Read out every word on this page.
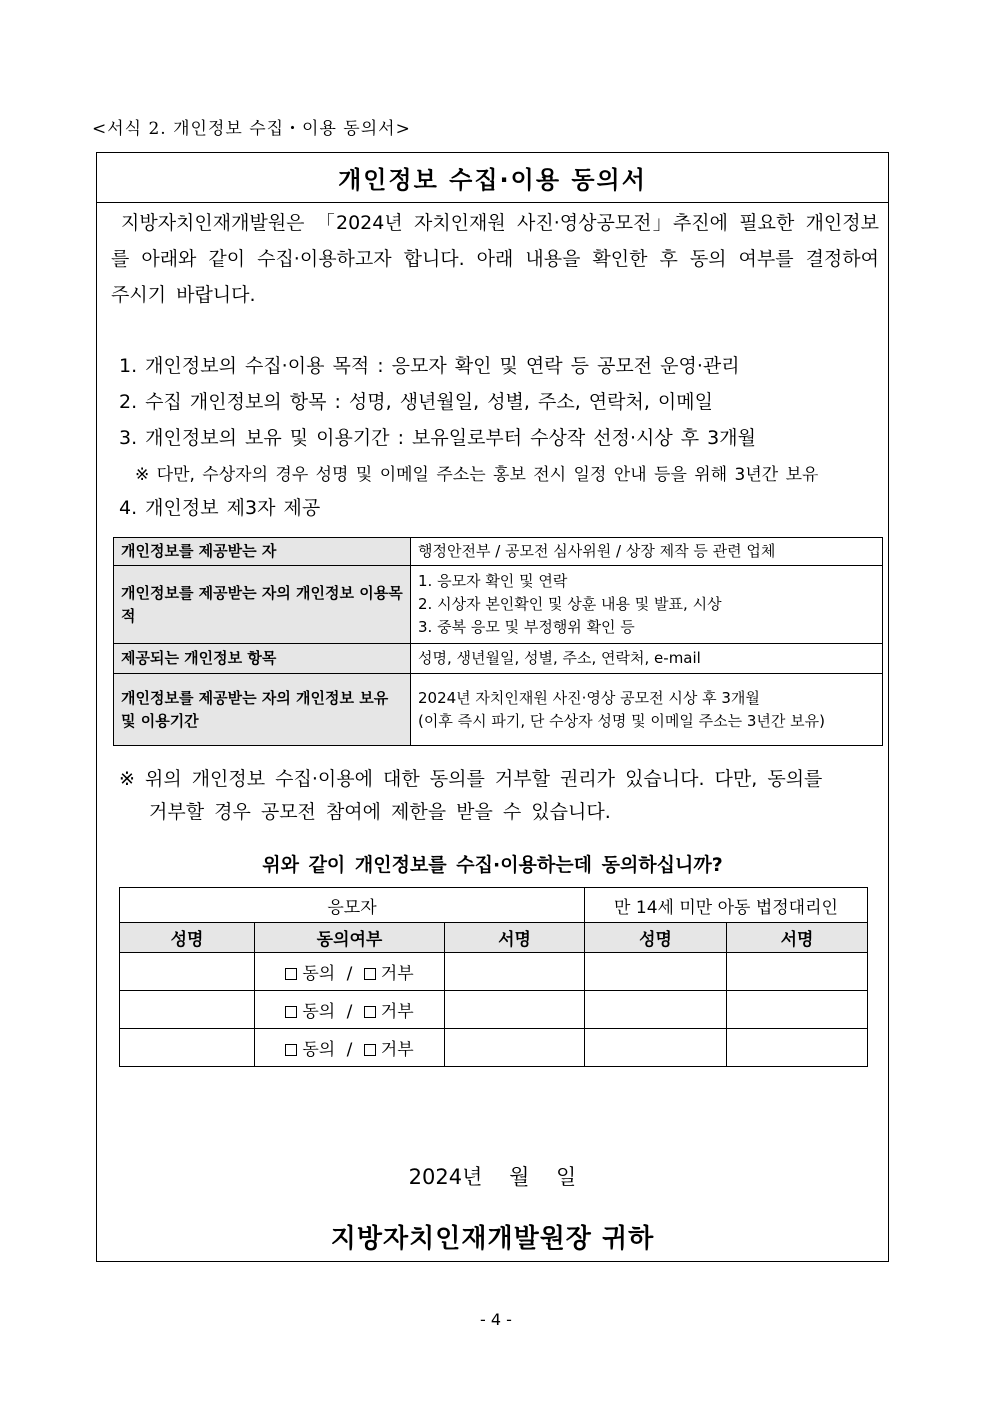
<서식 2. 개인정보 수집・이용 동의서>
개인정보 수집·이용 동의서
지방자치인재개발원은 「2024년 자치인재원 사진·영상공모전」추진에 필요한 개인정보를 아래와 같이 수집·이용하고자 합니다. 아래 내용을 확인한 후 동의 여부를 결정하여 주시기 바랍니다.
1. 개인정보의 수집·이용 목적 : 응모자 확인 및 연락 등 공모전 운영·관리
2. 수집 개인정보의 항목 : 성명, 생년월일, 성별, 주소, 연락처, 이메일
3. 개인정보의 보유 및 이용기간 : 보유일로부터 수상작 선정·시상 후 3개월
※ 다만, 수상자의 경우 성명 및 이메일 주소는 홍보 전시 일정 안내 등을 위해 3년간 보유
4. 개인정보 제3자 제공
개인정보를 제공받는 자	행정안전부 / 공모전 심사위원 / 상장 제작 등 관련 업체

개인정보를 제공받는 자의 개인정보 이용목적	1. 응모자 확인 및 연락
2. 시상자 본인확인 및 상훈 내용 및 발표, 시상
3. 중복 응모 및 부정행위 확인 등

제공되는 개인정보 항목	성명, 생년월일, 성별, 주소, 연락처, e-mail

개인정보를 제공받는 자의 개인정보 보유 및 이용기간	2024년 자치인재원 사진·영상 공모전 시상 후 3개월
(이후 즉시 파기, 단 수상자 성명 및 이메일 주소는 3년간 보유)
※ 위의 개인정보 수집·이용에 대한 동의를 거부할 권리가 있습니다. 다만, 동의를
거부할 경우 공모전 참여에 제한을 받을 수 있습니다.
위와 같이 개인정보를 수집·이용하는데 동의하십니까?
응모자			만 14세 미만 아동 법정대리인	
성명	동의여부	서명	성명	서명
	동의 / 거부			
	동의 / 거부			
	동의 / 거부			
2024년 월 일
지방자치인재개발원장 귀하
- 4 -
